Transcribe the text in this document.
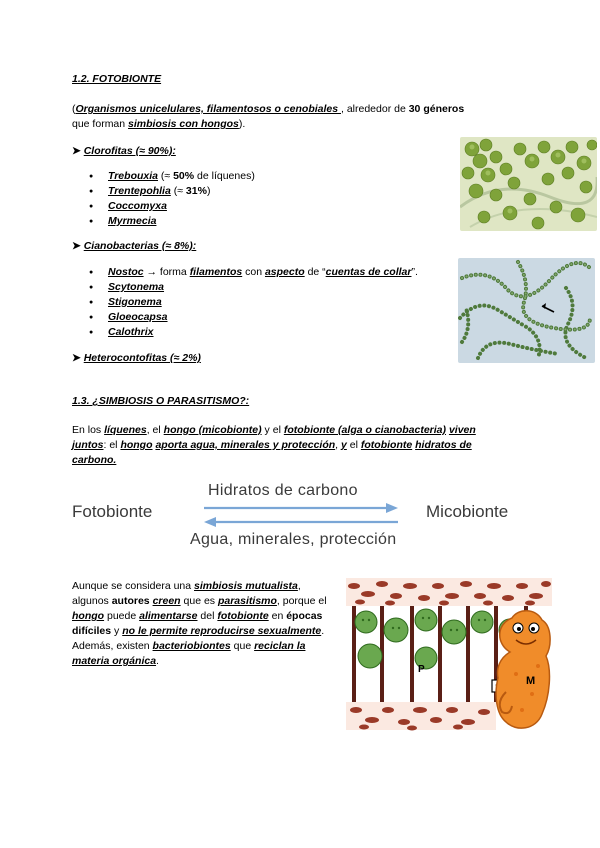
1.2. FOTOBIONTE

(Organismos unicelulares, filamentosos o cenobiales , alrededor de 30 géneros que forman simbiosis con hongos).

➤ Clorofitas (≈ 90%):
● Trebouxia (≈ 50% de líquenes)
● Trentepohlia (≈ 31%)
● Coccomyxa
● Myrmecia
➤ Cianobacterias (≈ 8%):
● Nostoc → forma filamentos con aspecto de “cuentas de collar”.
● Scytonema
● Stigonema
● Gloeocapsa
● Calothrix
➤ Heterocontofitas (≈ 2%)
1.3. ¿SIMBIOSIS O PARASITISMO?:

En los líquenes, el hongo (micobionte) y el fotobionte (alga o cianobacteria) viven juntos: el hongo aporta agua, minerales y protección, y el fotobionte hidratos de carbono.

Fotobionte	Micobionte
Hidratos de carbono
Agua, minerales, protección

Aunque se considera una simbiosis mutualista, algunos autores creen que es parasitismo, porque el hongo puede alimentarse del fotobionte en épocas difíciles y no le permite reproducirse sexualmente. Además, existen bacteriobiontes que reciclan la materia orgánica.

P
M
